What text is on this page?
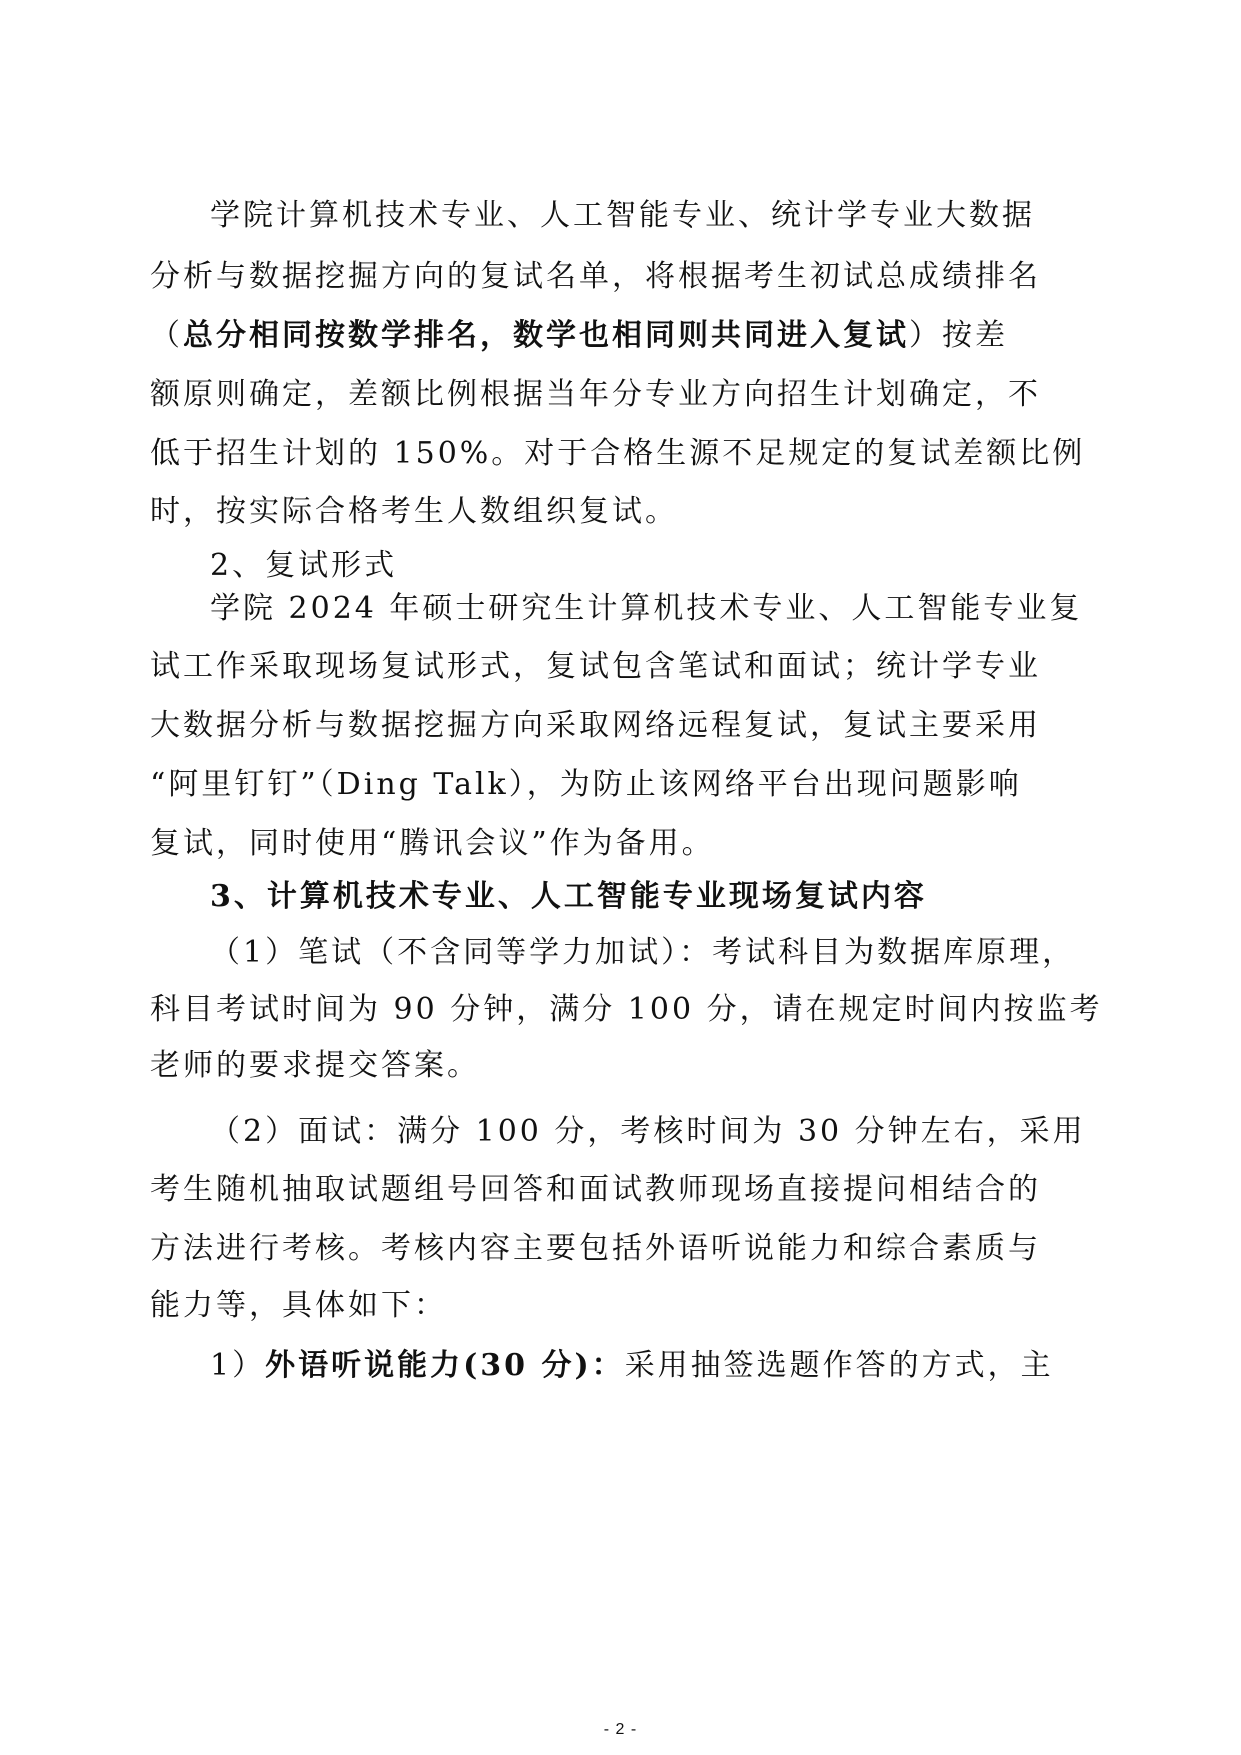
学院计算机技术专业、人工智能专业、统计学专业大数据
分析与数据挖掘方向的复试名单，将根据考生初试总成绩排名
（总分相同按数学排名，数学也相同则共同进入复试）按差
额原则确定，差额比例根据当年分专业方向招生计划确定，不
低于招生计划的 150%。对于合格生源不足规定的复试差额比例
时，按实际合格考生人数组织复试。
2、复试形式
学院 2024 年硕士研究生计算机技术专业、人工智能专业复
试工作采取现场复试形式，复试包含笔试和面试；统计学专业
大数据分析与数据挖掘方向采取网络远程复试，复试主要采用
“阿里钉钉”（Ding Talk），为防止该网络平台出现问题影响
复试，同时使用“腾讯会议”作为备用。
3、计算机技术专业、人工智能专业现场复试内容
（1）笔试（不含同等学力加试）：考试科目为数据库原理，
科目考试时间为 90 分钟，满分 100 分，请在规定时间内按监考
老师的要求提交答案。
（2）面试：满分 100 分，考核时间为 30 分钟左右，采用
考生随机抽取试题组号回答和面试教师现场直接提问相结合的
方法进行考核。考核内容主要包括外语听说能力和综合素质与
能力等，具体如下：
1）外语听说能力(30 分)：采用抽签选题作答的方式，主
- 2 -
